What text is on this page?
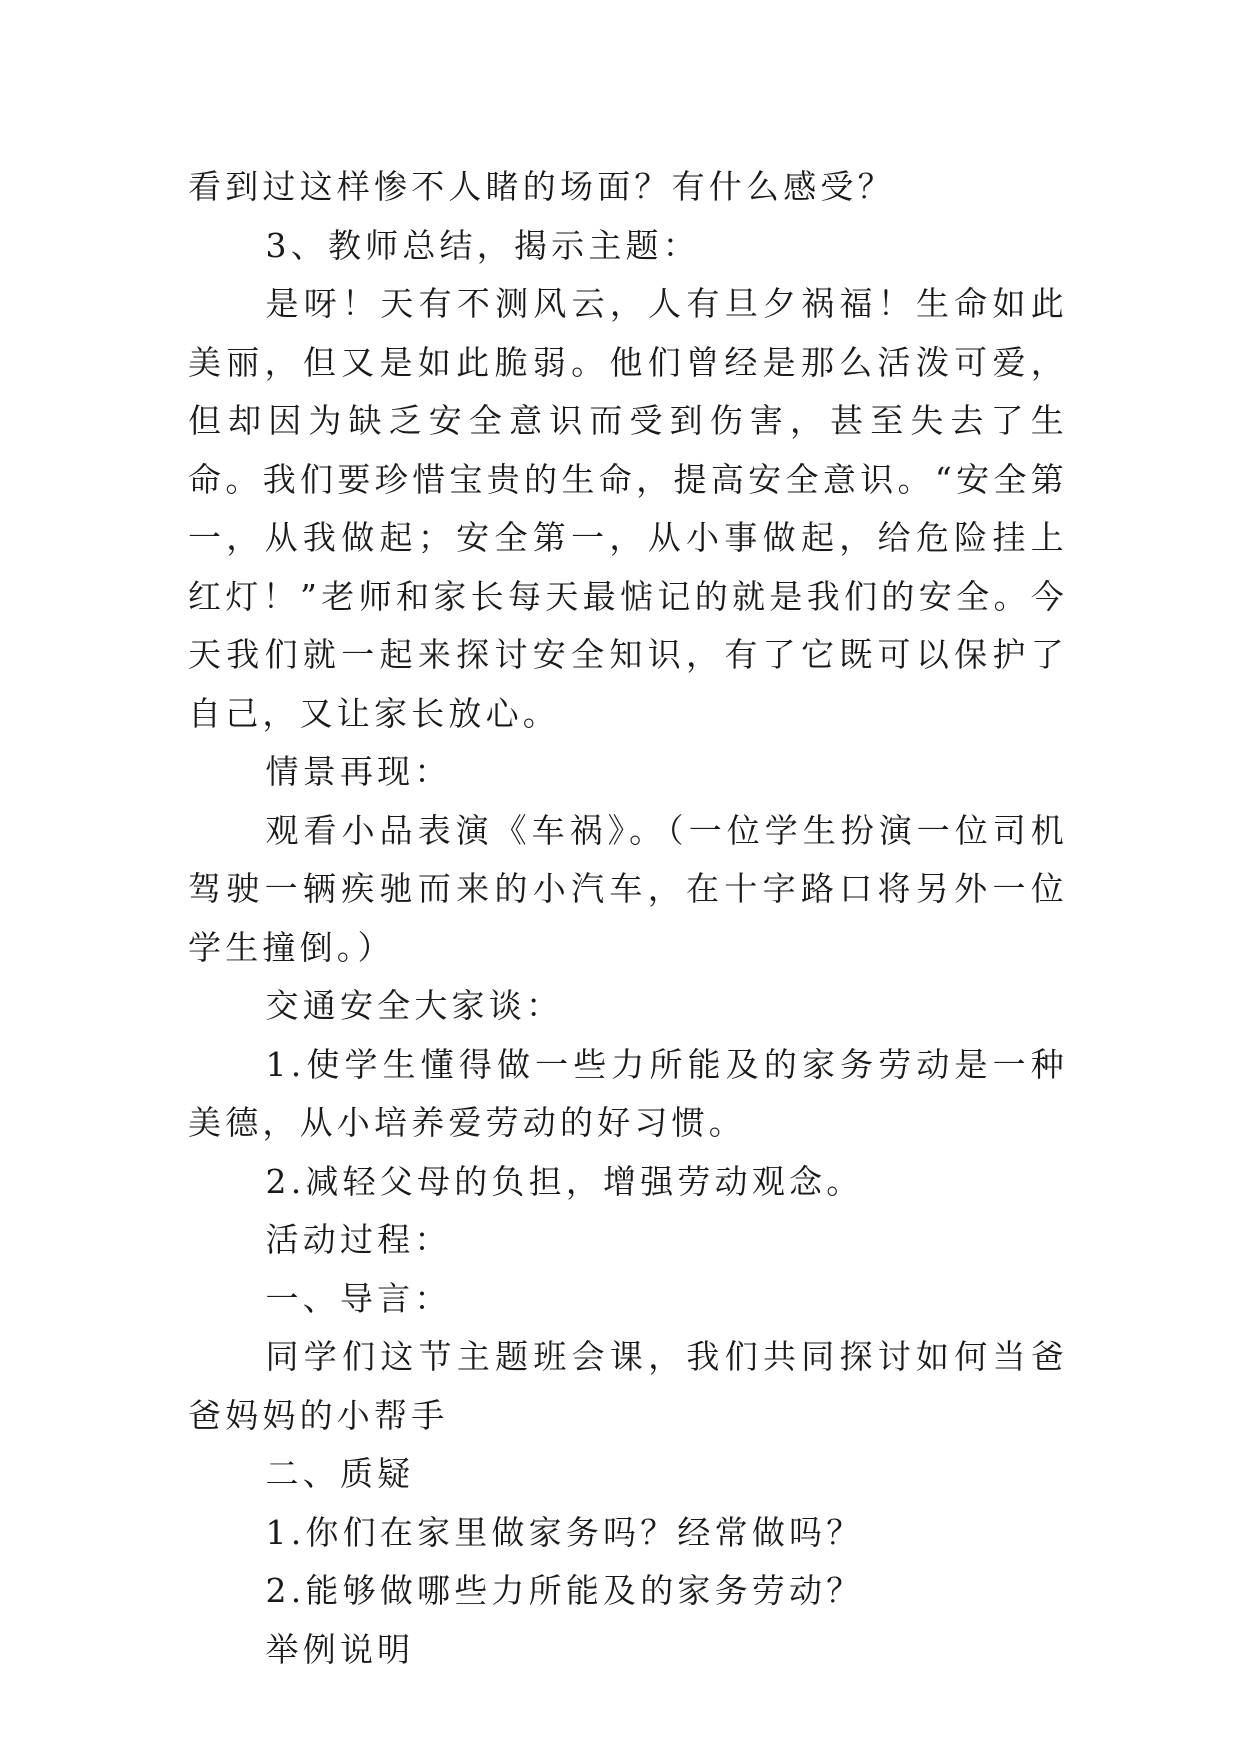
看到过这样惨不人睹的场面？有什么感受？

3、教师总结，揭示主题：

是呀！天有不测风云，人有旦夕祸福！生命如此美丽，但又是如此脆弱。他们曾经是那么活泼可爱，但却因为缺乏安全意识而受到伤害，甚至失去了生命。我们要珍惜宝贵的生命，提高安全意识。“安全第一，从我做起；安全第一，从小事做起，给危险挂上红灯！”老师和家长每天最惦记的就是我们的安全。今天我们就一起来探讨安全知识，有了它既可以保护了自己，又让家长放心。

情景再现：

观看小品表演《车祸》。（一位学生扮演一位司机驾驶一辆疾驰而来的小汽车，在十字路口将另外一位学生撞倒。）

交通安全大家谈：

1.使学生懂得做一些力所能及的家务劳动是一种美德，从小培养爱劳动的好习惯。

2.减轻父母的负担，增强劳动观念。

活动过程：

一、导言：

同学们这节主题班会课，我们共同探讨如何当爸爸妈妈的小帮手

二、质疑

1.你们在家里做家务吗？经常做吗？

2.能够做哪些力所能及的家务劳动？

举例说明
